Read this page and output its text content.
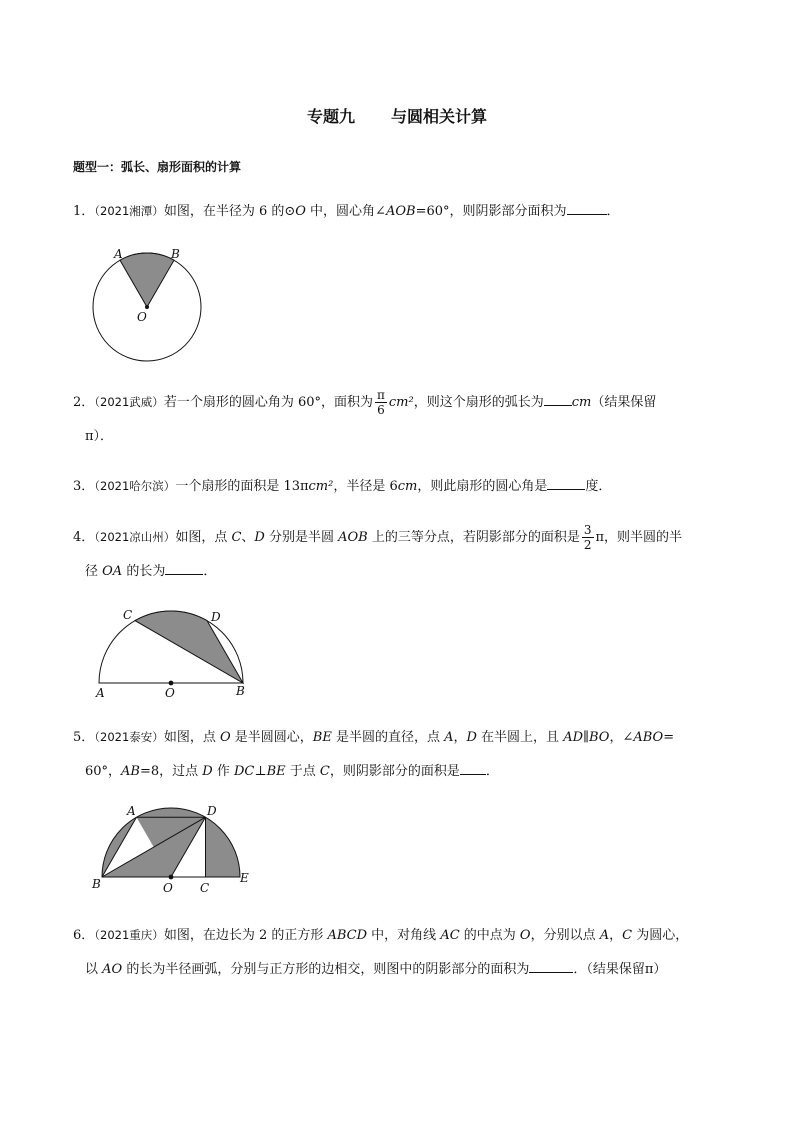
专题九 与圆相关计算
题型一：弧长、扇形面积的计算
1．（2021湘潭）如图，在半径为 6 的⊙O 中，圆心角∠AOB=60°，则阴影部分面积为	．
A	B
O
2．（2021武威）若一个扇形的圆心角为 60°，面积为 $\frac{\pi}{6} cm^2$，则这个扇形的弧长为 cm（结果保留
π）．
3．（2021哈尔滨）一个扇形的面积是 13πcm²，半径是 6cm，则此扇形的圆心角是	度．
4．（2021凉山州）如图，点 C、D 分别是半圆 AOB 上的三等分点，若阴影部分的面积是 $\frac{3}{2}$ π，则半圆的半
径 OA 的长为	．
A	O	B
C	D
5．（2021泰安）如图，点 O 是半圆圆心，BE 是半圆的直径，点 A，D 在半圆上，且 AD∥BO，∠ABO=
60°，AB=8，过点 D 作 DC⊥BE 于点 C，则阴影部分的面积是 ．
A
B
D
O C
E
6．（2021重庆）如图，在边长为 2 的正方形 ABCD 中，对角线 AC 的中点为 O，分别以点 A，C 为圆心，
以 AO 的长为半径画弧，分别与正方形的边相交，则图中的阴影部分的面积为	．（结果保留π）
